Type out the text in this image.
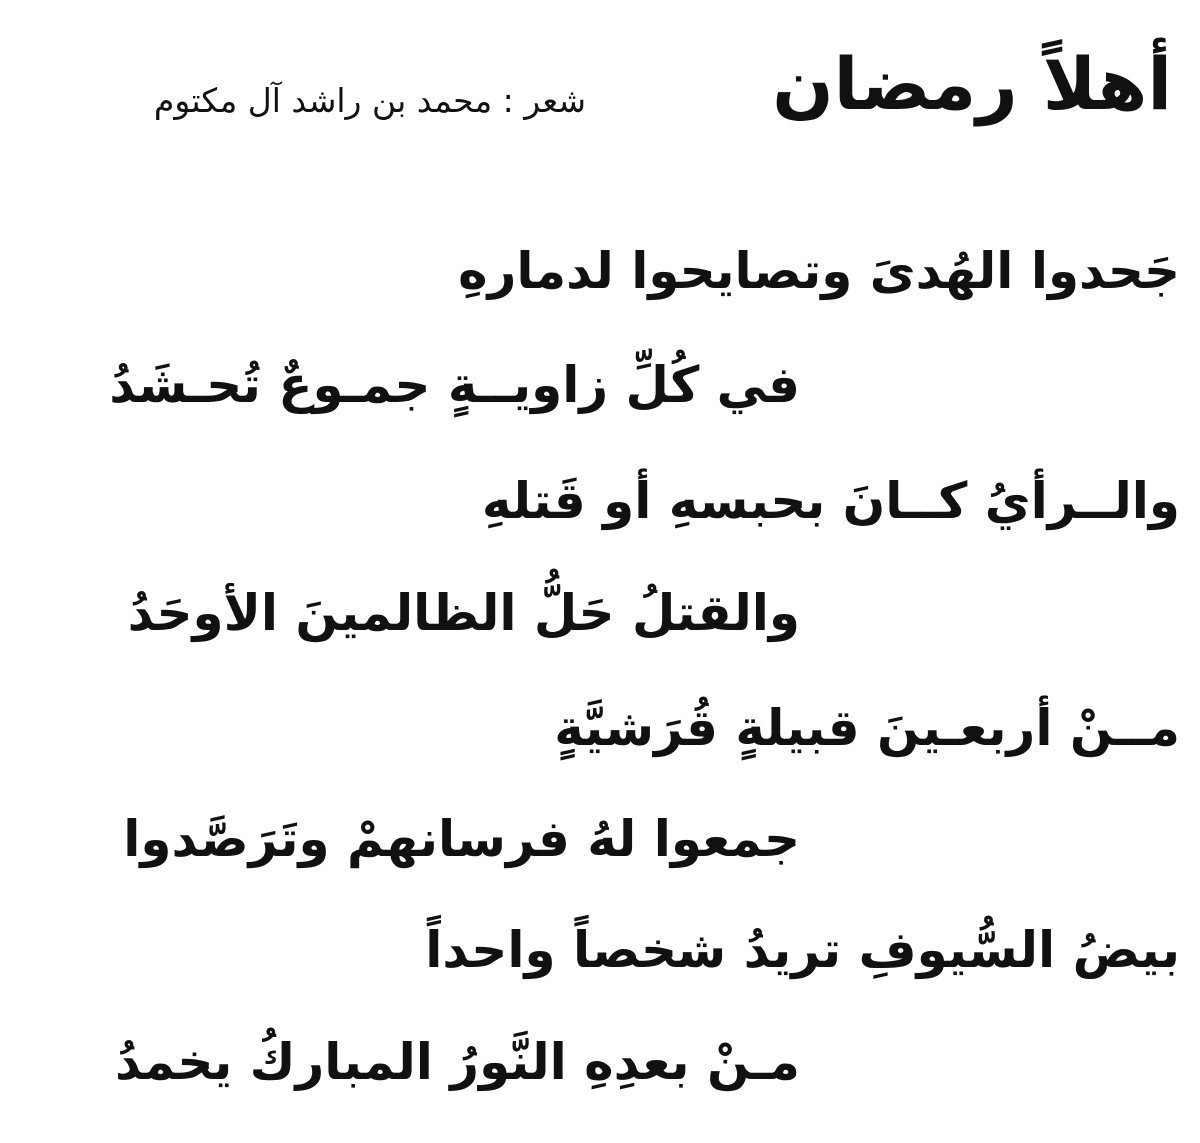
أهلاً رمضان
شعر : محمد بن راشد آل مكتوم
جَحدوا الهُدىَ وتصايحوا لدمارهِ
في كُلِّ زاويــةٍ جمـوعٌ تُحـشَدُ
والــرأيُ كــانَ بحبسهِ أو قَتلهِ
والقتلُ حَلُّ الظالمينَ الأوحَدُ
مــنْ أربعـينَ قبيلةٍ قُرَشيَّةٍ
جمعوا لهُ فرسانهمْ وتَرَصَّدوا
بيضُ السُّيوفِ تريدُ شخصاً واحداً
مـنْ بعدِهِ النَّورُ المباركُ يخمدُ
